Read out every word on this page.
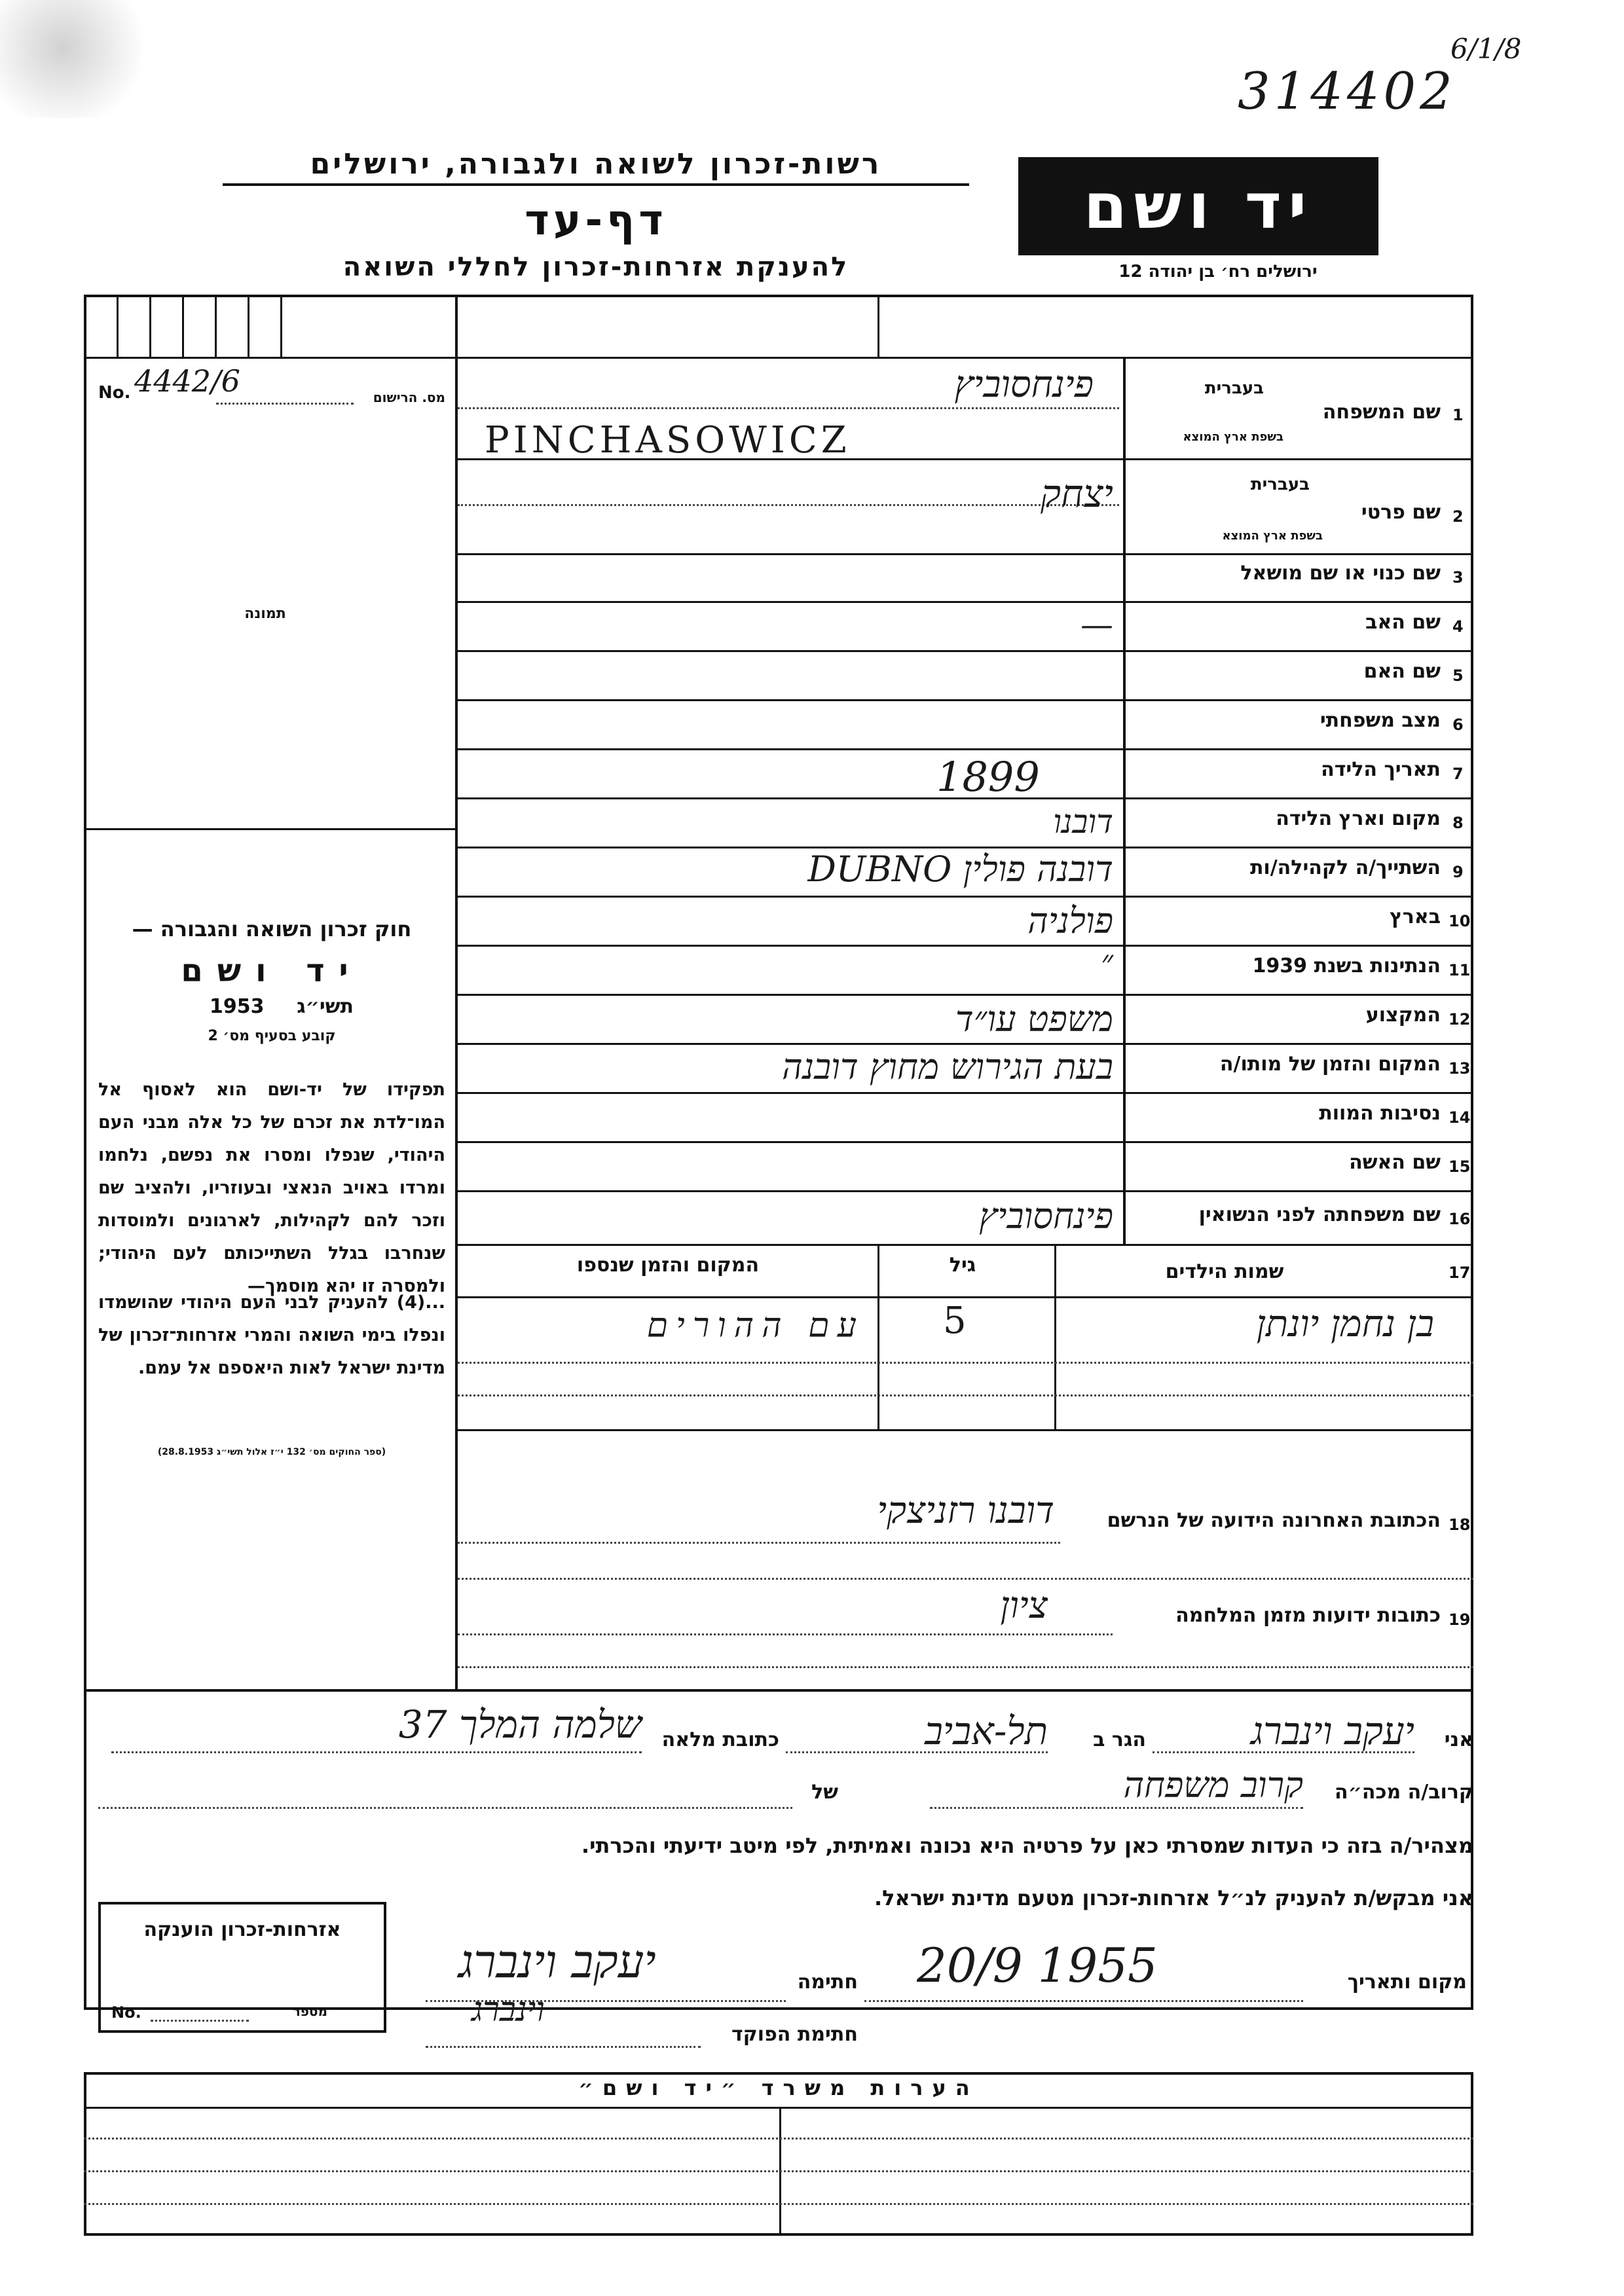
314402
6/1/8
רשות-זכרון לשואה ולגבורה, ירושלים
דף-עד
להענקת אזרחות-זכרון לחללי השואה
יד ושם
ירושלים רח׳ בן יהודה 12
No. 4442/6	מס. הרישום
תמונה
חוק זכרון השואה והגבורה —
יד ושם
תשי״ג
1953
קובע בסעיף מס׳ 2
תפקידו של יד-ושם הוא לאסוף אל המו־לדת את זכרם של כל אלה מבני העם היהודי, שנפלו ומסרו את נפשם, נלחמו ומרדו באויב הנאצי ובעוזריו, ולהציב שם וזכר להם לקהילות, לארגונים ולמוסדות שנחרבו בגלל השתייכותם לעם היהודי; ולמסרה זו יהא מוסמך—
...(4) להעניק לבני העם היהודי שהושמדו ונפלו בימי השואה והמרי אזרחות־זכרון של מדינת ישראל לאות היאספם אל עמם.
(ספר החוקים מס׳ 132 י״ז אלול תשי״ג 28.8.1953)
1
שם המשפחה
בעברית
בשפת ארץ המוצא
פינחסוביץ
PINCHASOWICZ
2
שם פרטי
בעברית
בשפת ארץ המוצא
יצחק
3
שם כנוי או שם מושאל
4
שם האב
—
5
שם האם
6
מצב משפחתי
7
תאריך הלידה
1899
8
מקום וארץ הלידה
דובנו
9
השתייך/ה לקהילה/ות
דובנה פולין DUBNO
10
בארץ
פולניה
11
הנתינות בשנת 1939
״
12
המקצוע
משפט עו״ד
13
המקום והזמן של מותו/ה
בעת הגירוש מחוץ דובנה
14
נסיבות המוות
15
שם האשה
16
שם משפחתה לפני הנשואין
פינחסוביץ
17
שמות הילדים
גיל
המקום והזמן שנספו
בן נחמן יונתן
5
עם ההורים
18
הכתובת האחרונה הידועה של הנרשם
דובנו רזניצקי
19
כתובות ידועות מזמן המלחמה
ציון
אני
יעקב וינברג
הגר ב
תל-אביב
כתובת מלאה
שלמה המלך 37
קרוב/ה מכה״ה
קרוב משפחה
של
מצהיר/ה בזה כי העדות שמסרתי כאן על פרטיה היא נכונה ואמיתית, לפי מיטב ידיעתי והכרתי.
אני מבקש/ת להעניק לנ״ל אזרחות-זכרון מטעם מדינת ישראל.
אזרחות-זכרון הוענקה
No.	מספר
מקום ותאריך
20/9 1955
חתימה
יעקב וינברג
חתימת הפוקד
וינברג
הערות משרד ״יד ושם״
